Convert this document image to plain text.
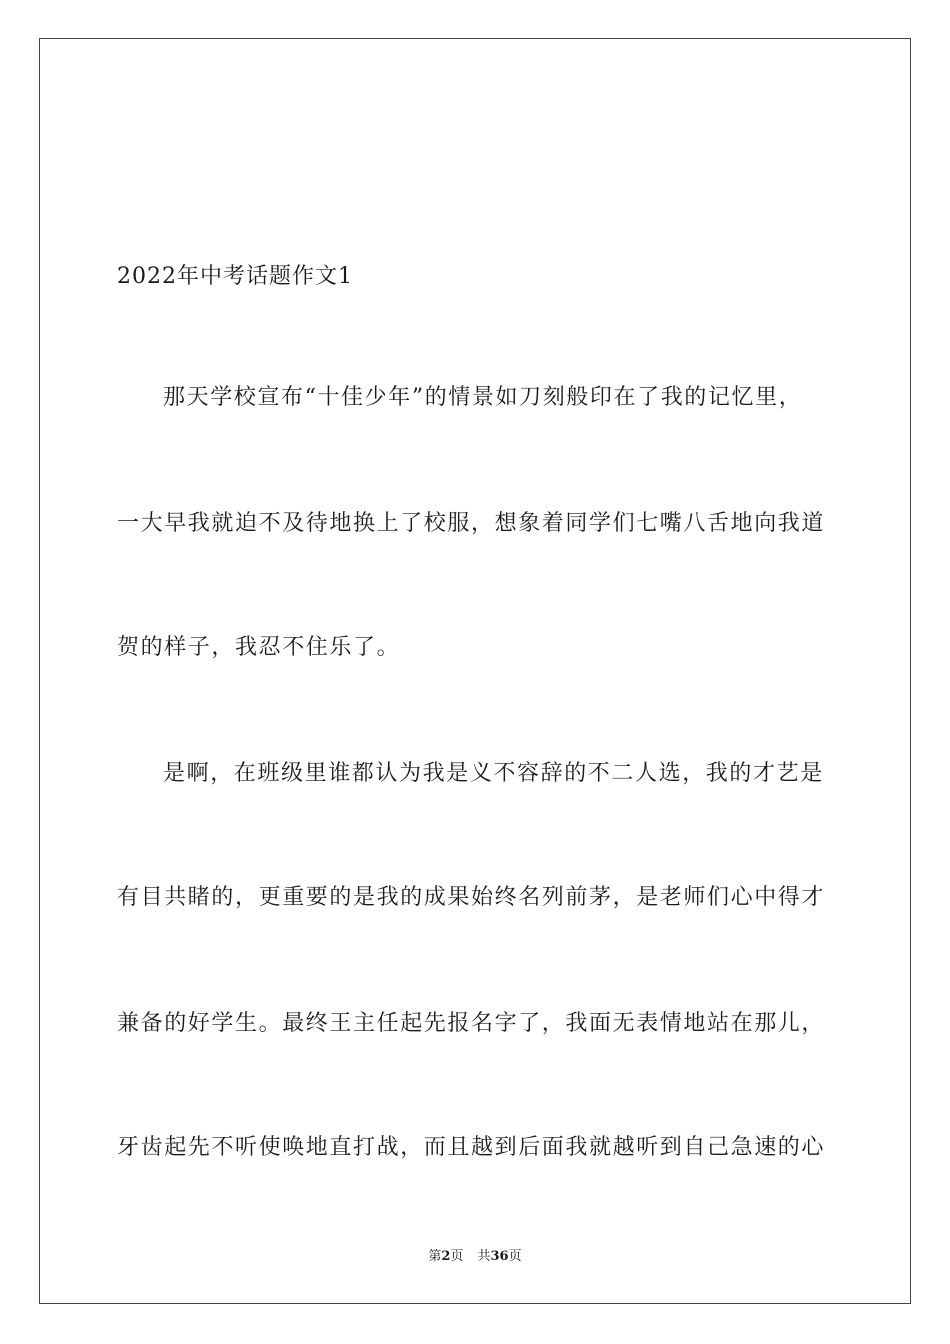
2022年中考话题作文1
那天学校宣布“十佳少年”的情景如刀刻般印在了我的记忆里，
一大早我就迫不及待地换上了校服，想象着同学们七嘴八舌地向我道
贺的样子，我忍不住乐了。
是啊，在班级里谁都认为我是义不容辞的不二人选，我的才艺是
有目共睹的，更重要的是我的成果始终名列前茅，是老师们心中得才
兼备的好学生。最终王主任起先报名字了，我面无表情地站在那儿，
牙齿起先不听使唤地直打战，而且越到后面我就越听到自己急速的心
第2页 共36页
